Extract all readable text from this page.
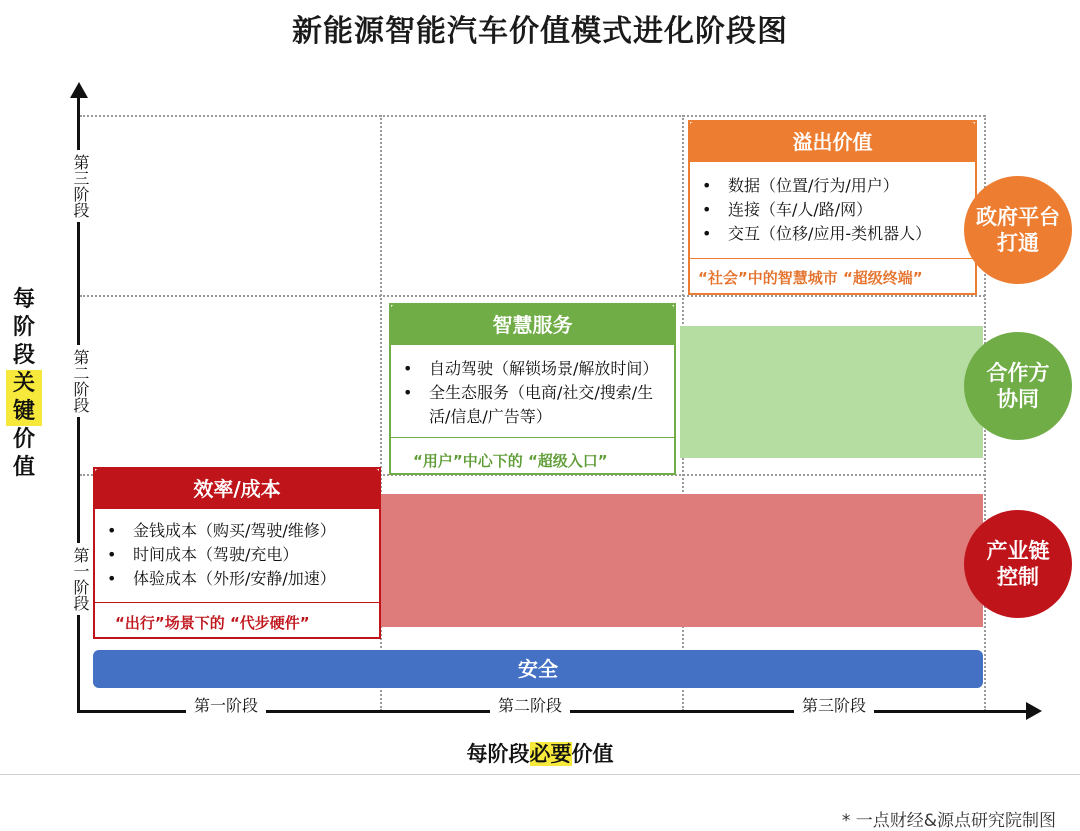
新能源智能汽车价值模式进化阶段图
第三阶段
第二阶段
第一阶段
每
阶
段
关
键
价
值
安全
第一阶段	第二阶段	第三阶段
每阶段必要价值
效率/成本
• 金钱成本（购买/驾驶/维修）
• 时间成本（驾驶/充电）
• 体验成本（外形/安静/加速）
“出行”场景下的 “代步硬件”
智慧服务
• 自动驾驶（解锁场景/解放时间）
• 全生态服务（电商/社交/搜索/生活/信息/广告等）
“用户”中心下的 “超级入口”
溢出价值
• 数据（位置/行为/用户）
• 连接（车/人/路/网）
• 交互（位移/应用-类机器人）
“社会”中的智慧城市 “超级终端”
政府平台
打通
合作方
协同
产业链
控制
* 一点财经&源点研究院制图
